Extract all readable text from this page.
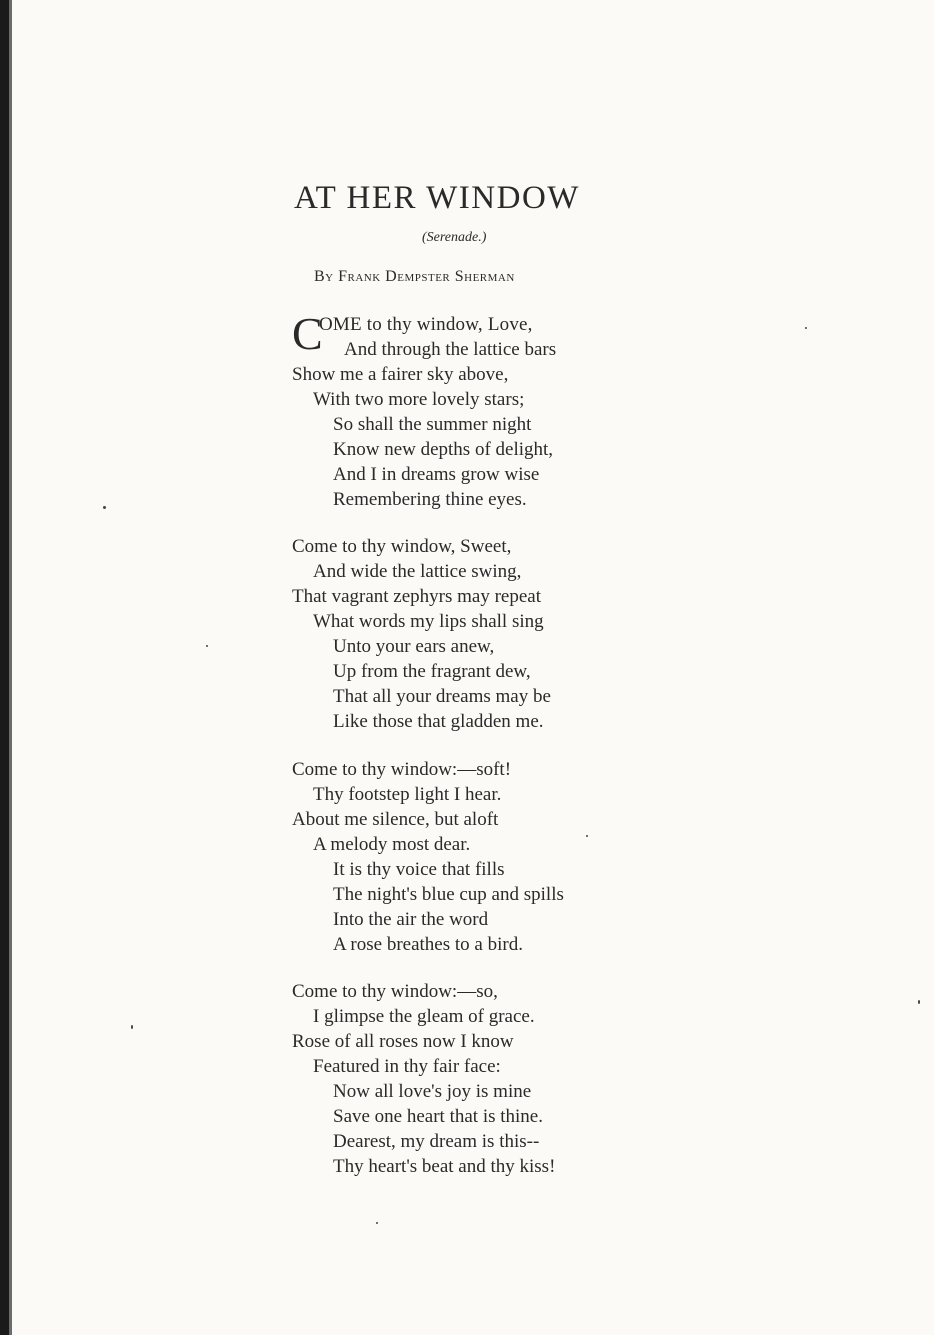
AT HER WINDOW
(Serenade.)
By Frank Dempster Sherman
C
OME to thy window, Love,
And through the lattice bars
Show me a fairer sky above,
With two more lovely stars;
So shall the summer night
Know new depths of delight,
And I in dreams grow wise
Remembering thine eyes.
Come to thy window, Sweet,
And wide the lattice swing,
That vagrant zephyrs may repeat
What words my lips shall sing
Unto your ears anew,
Up from the fragrant dew,
That all your dreams may be
Like those that gladden me.
Come to thy window:—soft!
Thy footstep light I hear.
About me silence, but aloft
A melody most dear.
It is thy voice that fills
The night's blue cup and spills
Into the air the word
A rose breathes to a bird.
Come to thy window:—so,
I glimpse the gleam of grace.
Rose of all roses now I know
Featured in thy fair face:
Now all love's joy is mine
Save one heart that is thine.
Dearest, my dream is this--
Thy heart's beat and thy kiss!
